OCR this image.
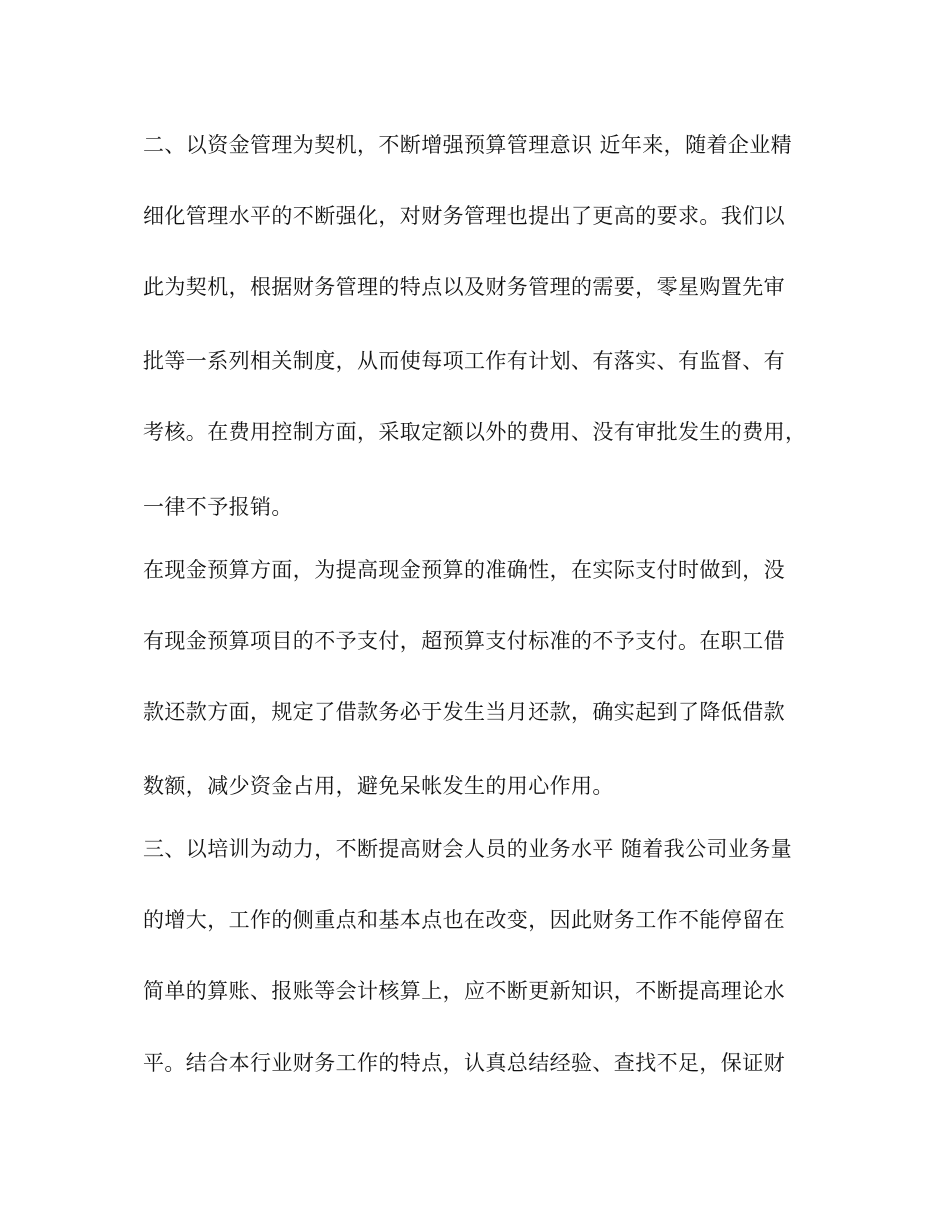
二、以资金管理为契机，不断增强预算管理意识 近年来，随着企业精
细化管理水平的不断强化，对财务管理也提出了更高的要求。我们以
此为契机，根据财务管理的特点以及财务管理的需要，零星购置先审
批等一系列相关制度，从而使每项工作有计划、有落实、有监督、有
考核。在费用控制方面，采取定额以外的费用、没有审批发生的费用，
一律不予报销。
在现金预算方面，为提高现金预算的准确性，在实际支付时做到，没
有现金预算项目的不予支付，超预算支付标准的不予支付。在职工借
款还款方面，规定了借款务必于发生当月还款，确实起到了降低借款
数额，减少资金占用，避免呆帐发生的用心作用。
三、以培训为动力，不断提高财会人员的业务水平 随着我公司业务量
的增大，工作的侧重点和基本点也在改变，因此财务工作不能停留在
简单的算账、报账等会计核算上，应不断更新知识，不断提高理论水
平。结合本行业财务工作的特点，认真总结经验、查找不足，保证财
